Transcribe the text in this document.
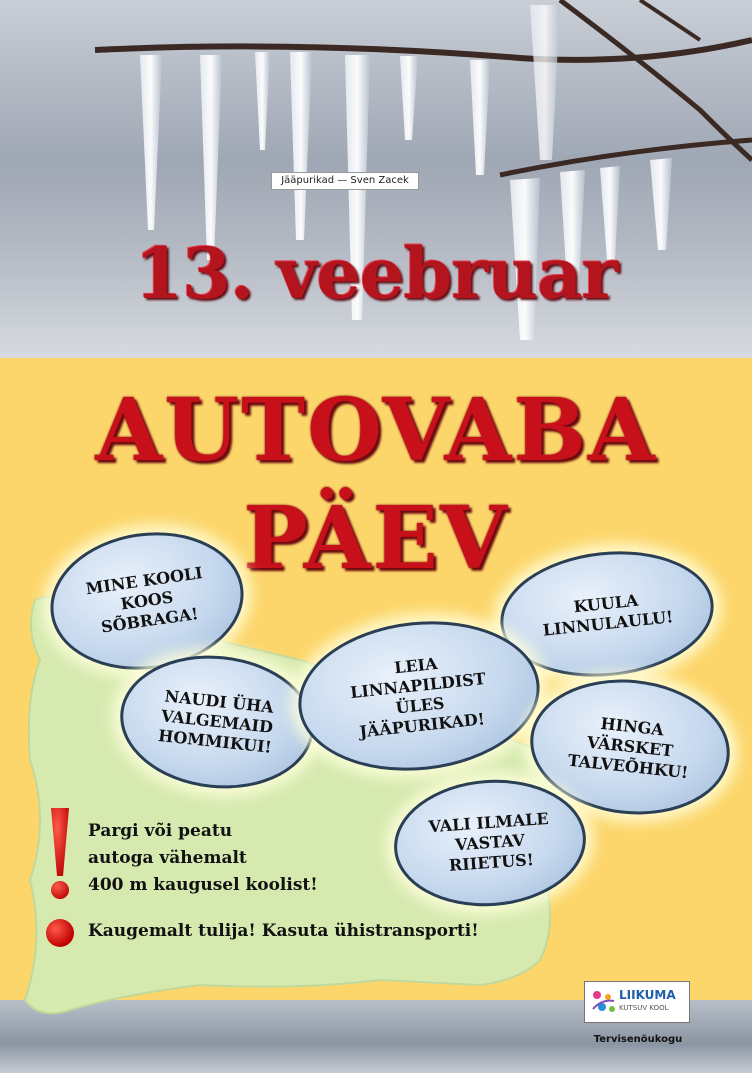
Jääpurikad — Sven Zacek
13. veebruar
AUTOVABA
PÄEV
MINE KOOLI
KOOS
SÕBRAGA!
KUULA
LINNULAULU!
NAUDI ÜHA
VALGEMAID
HOMMIKUI!
LEIA
LINNAPILDIST
ÜLES
JÄÄPURIKAD!	HINGA
VÄRSKET
TALVEÕHKU!
VALI ILMALE
VASTAV
RIIETUS!
Pargi või peatu
autoga vähemalt
400 m kaugusel koolist!
Kaugemalt tulija! Kasuta ühistransporti!
LIIKUMA
KUTSUV KOOL
Tervisenõukogu
